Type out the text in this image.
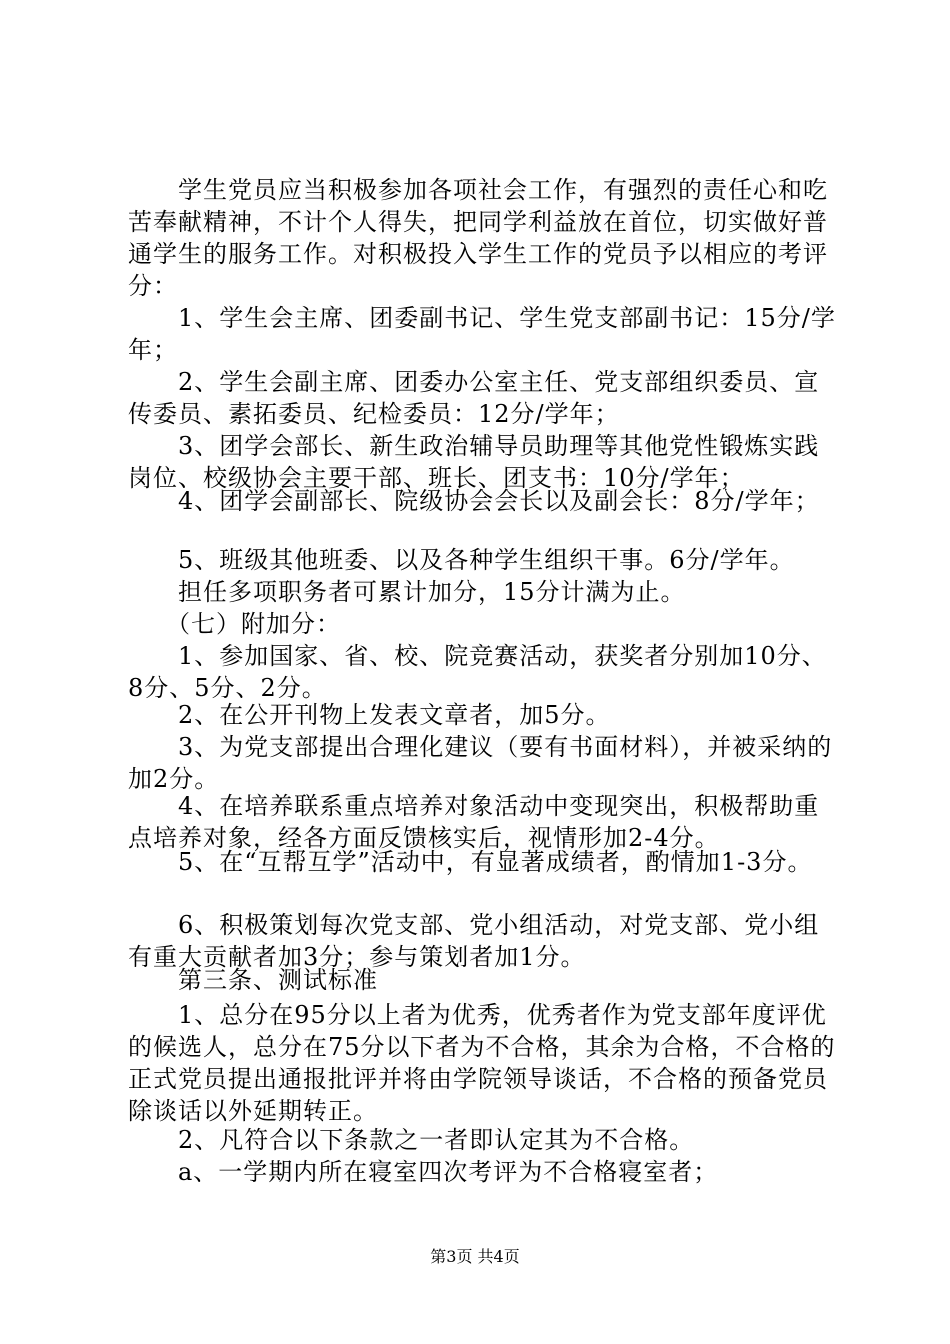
　　学生党员应当积极参加各项社会工作，有强烈的责任心和吃苦奉献精神，不计个人得失，把同学利益放在首位，切实做好普通学生的服务工作。对积极投入学生工作的党员予以相应的考评分：
　　1、学生会主席、团委副书记、学生党支部副书记：15分/学年；
　　2、学生会副主席、团委办公室主任、党支部组织委员、宣传委员、素拓委员、纪检委员：12分/学年；
　　3、团学会部长、新生政治辅导员助理等其他党性锻炼实践岗位、校级协会主要干部、班长、团支书：10分/学年；
　　4、团学会副部长、院级协会会长以及副会长：8分/学年；
　　5、班级其他班委、以及各种学生组织干事。6分/学年。
　　担任多项职务者可累计加分，15分计满为止。
　　（七）附加分：
　　1、参加国家、省、校、院竞赛活动，获奖者分别加10分、8分、5分、2分。
　　2、在公开刊物上发表文章者，加5分。
　　3、为党支部提出合理化建议（要有书面材料），并被采纳的加2分。
　　4、在培养联系重点培养对象活动中变现突出，积极帮助重点培养对象，经各方面反馈核实后，视情形加2-4分。
　　5、在“互帮互学”活动中，有显著成绩者，酌情加1-3分。
　　6、积极策划每次党支部、党小组活动，对党支部、党小组有重大贡献者加3分；参与策划者加1分。
　　第三条、测试标准
　　1、总分在95分以上者为优秀，优秀者作为党支部年度评优的候选人，总分在75分以下者为不合格，其余为合格，不合格的正式党员提出通报批评并将由学院领导谈话，不合格的预备党员除谈话以外延期转正。
　　2、凡符合以下条款之一者即认定其为不合格。
　　a、一学期内所在寝室四次考评为不合格寝室者；
第3页 共4页
